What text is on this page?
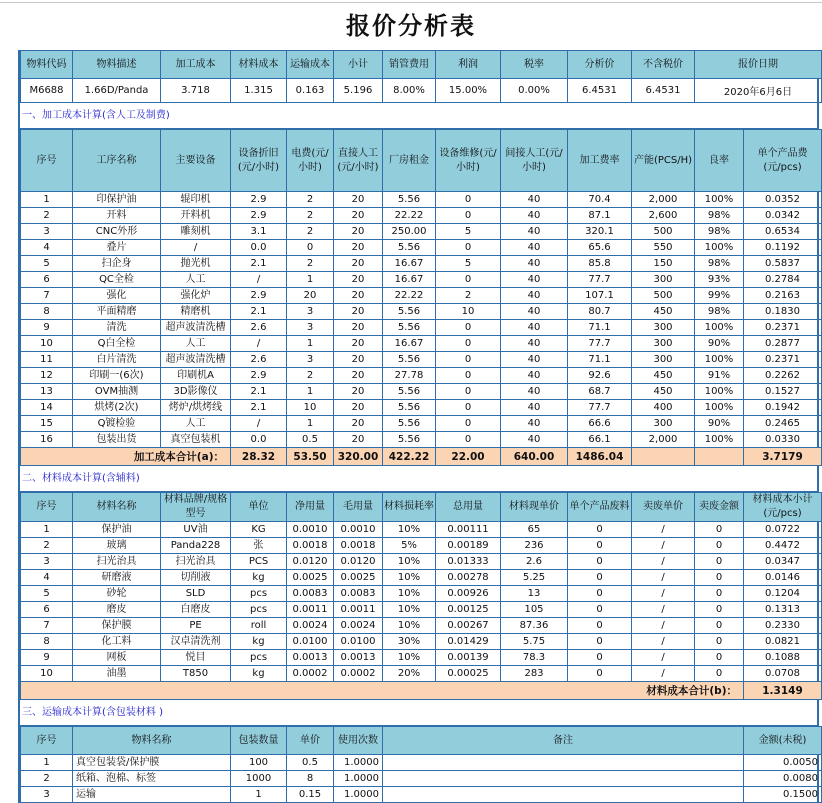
报价分析表
物料代码	物料描述	加工成本	材料成本	运输成本	小计	销管费用	利润	税率	分析价	不含税价	报价日期
M6688	1.66D/Panda	3.718	1.315	0.163	5.196	8.00%	15.00%	0.00%	6.4531	6.4531	2020年6月6日
一、加工成本计算(含人工及制费)
序号	工序名称	主要设备	设备折旧(元/小时)	电费(元/小时)	直接人工(元/小时)	厂房租金	设备维修(元/小时)	间接人工(元/小时)	加工费率	产能(PCS/H)	良率	单个产品费(元/pcs)
1	印保护油	辊印机	2.9	2	20	5.56	0	40	70.4	2,000	100%	0.0352
2	开料	开料机	2.9	2	20	22.22	0	40	87.1	2,600	98%	0.0342
3	CNC外形	雕刻机	3.1	2	20	250.00	5	40	320.1	500	98%	0.6534
4	叠片	/	0.0	0	20	5.56	0	40	65.6	550	100%	0.1192
5	扫企身	抛光机	2.1	2	20	16.67	5	40	85.8	150	98%	0.5837
6	QC全检	人工	/	1	20	16.67	0	40	77.7	300	93%	0.2784
7	强化	强化炉	2.9	20	20	22.22	2	40	107.1	500	99%	0.2163
8	平面精磨	精磨机	2.1	3	20	5.56	10	40	80.7	450	98%	0.1830
9	清洗	超声波清洗槽	2.6	3	20	5.56	0	40	71.1	300	100%	0.2371
10	Q白全检	人工	/	1	20	16.67	0	40	77.7	300	90%	0.2877
11	白片清洗	超声波清洗槽	2.6	3	20	5.56	0	40	71.1	300	100%	0.2371
12	印刷一(6次)	印刷机A	2.9	2	20	27.78	0	40	92.6	450	91%	0.2262
13	OVM抽测	3D影像仪	2.1	1	20	5.56	0	40	68.7	450	100%	0.1527
14	烘烤(2次)	烤炉/烘烤线	2.1	10	20	5.56	0	40	77.7	400	100%	0.1942
15	Q镀检验	人工	/	1	20	5.56	0	40	66.6	300	90%	0.2465
16	包装出货	真空包装机	0.0	0.5	20	5.56	0	40	66.1	2,000	100%	0.0330
加工成本合计(a)：			28.32	53.50	320.00	422.22	22.00	640.00	1486.04			3.7179
二、材料成本计算(含辅料)
序号	材料名称	材料品牌/规格型号	单位	净用量	毛用量	材料损耗率	总用量	材料现单价	单个产品废料	卖废单价	卖废金额	材料成本小计(元/pcs)
1	保护油	UV油	KG	0.0010	0.0010	10%	0.00111	65	0	/	0	0.0722
2	玻璃	Panda228	张	0.0018	0.0018	5%	0.00189	236	0	/	0	0.4472
3	扫光治具	扫光治具	PCS	0.0120	0.0120	10%	0.01333	2.6	0	/	0	0.0347
4	研磨液	切削液	kg	0.0025	0.0025	10%	0.00278	5.25	0	/	0	0.0146
5	砂轮	SLD	pcs	0.0083	0.0083	10%	0.00926	13	0	/	0	0.1204
6	磨皮	白磨皮	pcs	0.0011	0.0011	10%	0.00125	105	0	/	0	0.1313
7	保护膜	PE	roll	0.0024	0.0024	10%	0.00267	87.36	0	/	0	0.2330
8	化工料	汉卓清洗剂	kg	0.0100	0.0100	30%	0.01429	5.75	0	/	0	0.0821
9	网板	悦目	pcs	0.0013	0.0013	10%	0.00139	78.3	0	/	0	0.1088
10	油墨	T850	kg	0.0002	0.0002	20%	0.00025	283	0	/	0	0.0708
材料成本合计(b)：												1.3149
三、运输成本计算(含包装材料 )
序号	物料名称	包装数量	单价	使用次数	备注	金额(未税)
1	真空包装袋/保护膜	100	0.5	1.0000		0.0050
2	纸箱、泡棉、标签	1000	8	1.0000		0.0080
3	运输	1	0.15	1.0000		0.1500
